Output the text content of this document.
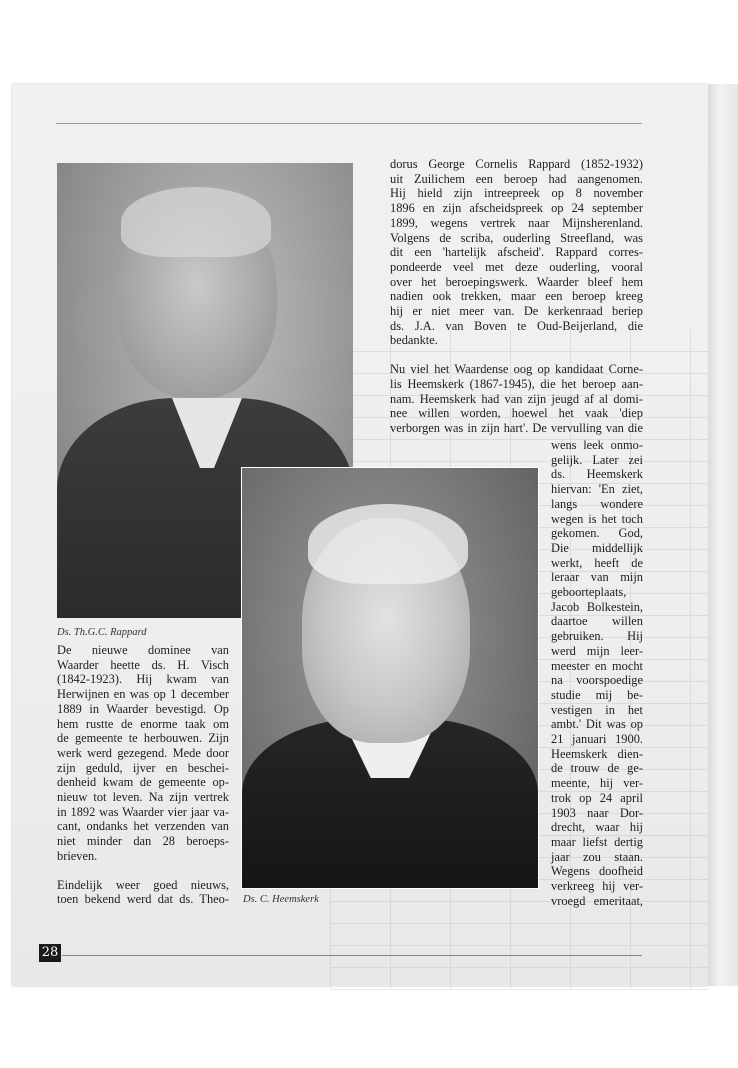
Ds. Th.G.C. Rappard
Ds. C. Heemskerk
De nieuwe dominee van
Waarder heette ds. H. Visch
(1842-1923). Hij kwam van
Herwijnen en was op 1 december
1889 in Waarder bevestigd. Op
hem rustte de enorme taak om
de gemeente te herbouwen. Zijn
werk werd gezegend. Mede door
zijn geduld, ijver en beschei-
denheid kwam de gemeente op-
nieuw tot leven. Na zijn vertrek
in 1892 was Waarder vier jaar va-
cant, ondanks het verzenden van
niet minder dan 28 beroeps-
brieven.
Eindelijk weer goed nieuws,
toen bekend werd dat ds. Theo-
dorus George Cornelis Rappard (1852-1932)
uit Zuilichem een beroep had aangenomen.
Hij hield zijn intreepreek op 8 november
1896 en zijn afscheidspreek op 24 september
1899, wegens vertrek naar Mijnsherenland.
Volgens de scriba, ouderling Streefland, was
dit een 'hartelijk afscheid'. Rappard corres-
pondeerde veel met deze ouderling, vooral
over het beroepingswerk. Waarder bleef hem
nadien ook trekken, maar een beroep kreeg
hij er niet meer van. De kerkenraad beriep
ds. J.A. van Boven te Oud-Beijerland, die
bedankte.
Nu viel het Waardense oog op kandidaat Corne-
lis Heemskerk (1867-1945), die het beroep aan-
nam. Heemskerk had van zijn jeugd af al domi-
nee willen worden, hoewel het vaak 'diep
verborgen was in zijn hart'. De vervulling van die
wens leek onmo-
gelijk. Later zei
ds. Heemskerk
hiervan: 'En ziet,
langs wondere
wegen is het toch
gekomen. God,
Die middellijk
werkt, heeft de
leraar van mijn
geboorteplaats,
Jacob Bolkestein,
daartoe willen
gebruiken. Hij
werd mijn leer-
meester en mocht
na voorspoedige
studie mij be-
vestigen in het
ambt.' Dit was op
21 januari 1900.
Heemskerk dien-
de trouw de ge-
meente, hij ver-
trok op 24 april
1903 naar Dor-
drecht, waar hij
maar liefst dertig
jaar zou staan.
Wegens doofheid
verkreeg hij ver-
vroegd emeritaat,
28
